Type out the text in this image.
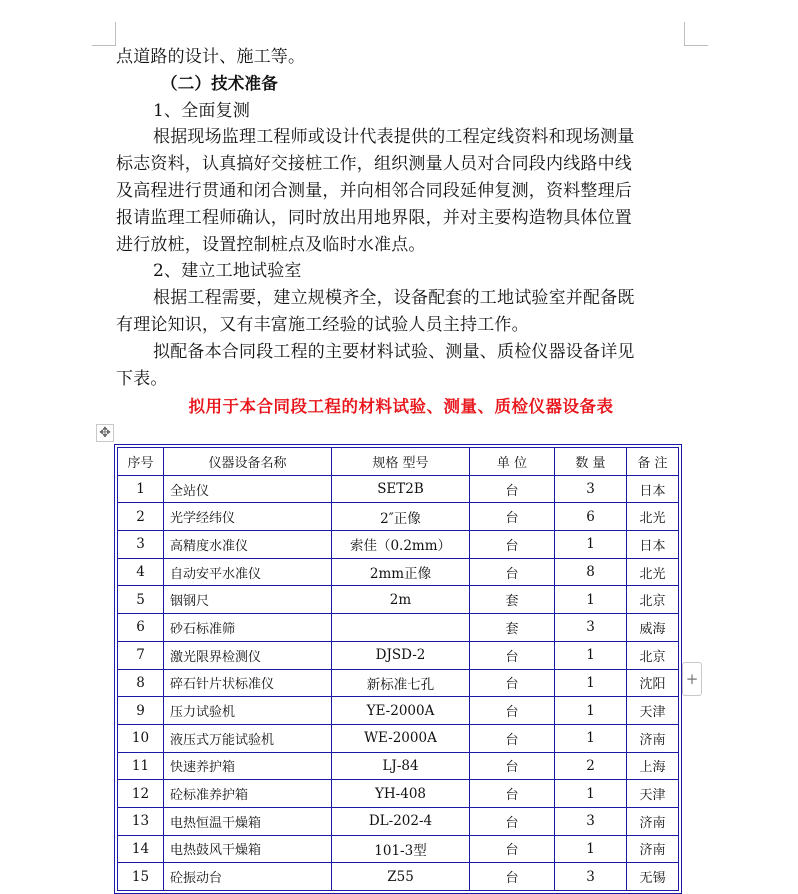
点道路的设计、施工等。
（二）技术准备
1、全面复测
根据现场监理工程师或设计代表提供的工程定线资料和现场测量
标志资料，认真搞好交接桩工作，组织测量人员对合同段内线路中线
及高程进行贯通和闭合测量，并向相邻合同段延伸复测，资料整理后
报请监理工程师确认，同时放出用地界限，并对主要构造物具体位置
进行放桩，设置控制桩点及临时水准点。
2、建立工地试验室
根据工程需要，建立规模齐全，设备配套的工地试验室并配备既
有理论知识，又有丰富施工经验的试验人员主持工作。
拟配备本合同段工程的主要材料试验、测量、质检仪器设备详见
下表。
拟用于本合同段工程的材料试验、测量、质检仪器设备表
✥
+
序号	仪器设备名称	规格 型号	单 位	数 量	备 注
1	全站仪	SET2B	台	3	日本
2	光学经纬仪	2″正像	台	6	北光
3	高精度水准仪	索佳（0.2mm）	台	1	日本
4	自动安平水准仪	2mm正像	台	8	北光
5	铟钢尺	2m	套	1	北京
6	砂石标准筛		套	3	威海
7	激光限界检测仪	DJSD-2	台	1	北京
8	碎石针片状标准仪	新标准七孔	台	1	沈阳
9	压力试验机	YE-2000A	台	1	天津
10	液压式万能试验机	WE-2000A	台	1	济南
11	快速养护箱	LJ-84	台	2	上海
12	砼标准养护箱	YH-408	台	1	天津
13	电热恒温干燥箱	DL-202-4	台	3	济南
14	电热鼓风干燥箱	101-3型	台	1	济南
15	砼振动台	Z55	台	3	无锡
